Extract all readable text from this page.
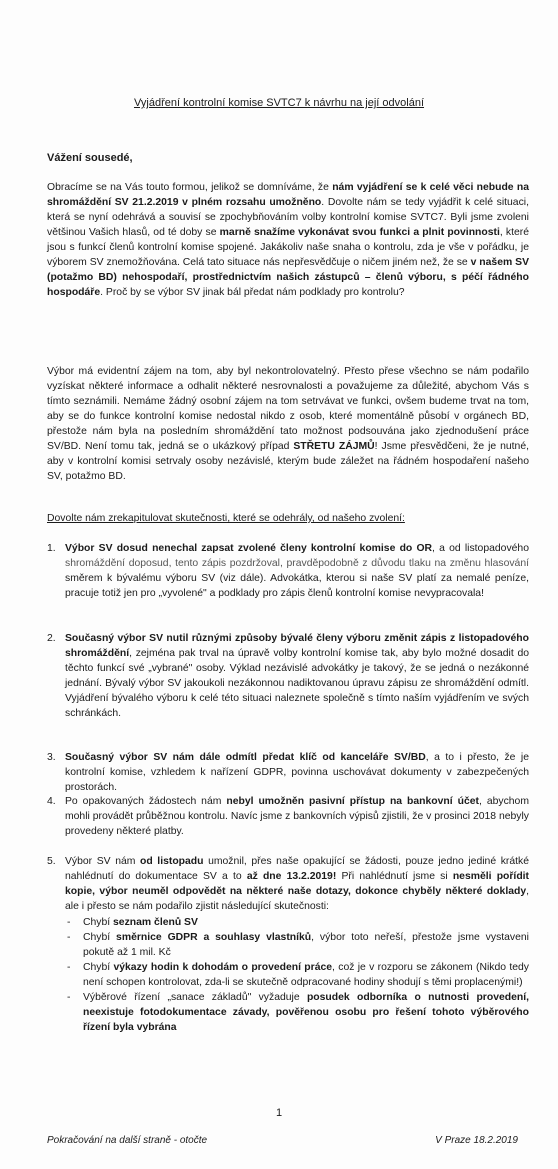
Vyjádření kontrolní komise SVTC7 k návrhu na její odvolání
Vážení sousedé,
Obracíme se na Vás touto formou, jelikož se domníváme, že nám vyjádření se k celé věci nebude na shromáždění SV 21.2.2019 v plném rozsahu umožněno. Dovolte nám se tedy vyjádřit k celé situaci, která se nyní odehrává a souvisí se zpochybňováním volby kontrolní komise SVTC7. Byli jsme zvoleni většinou Vašich hlasů, od té doby se marně snažíme vykonávat svou funkci a plnit povinnosti, které jsou s funkcí členů kontrolní komise spojené. Jakákoliv naše snaha o kontrolu, zda je vše v pořádku, je výborem SV znemožňována. Celá tato situace nás nepřesvědčuje o ničem jiném než, že se v našem SV (potažmo BD) nehospodaří, prostřednictvím našich zástupců – členů výboru, s péčí řádného hospodáře. Proč by se výbor SV jinak bál předat nám podklady pro kontrolu?
Výbor má evidentní zájem na tom, aby byl nekontrolovatelný. Přesto přese všechno se nám podařilo vyzískat některé informace a odhalit některé nesrovnalosti a považujeme za důležité, abychom Vás s tímto seznámili. Nemáme žádný osobní zájem na tom setrvávat ve funkci, ovšem budeme trvat na tom, aby se do funkce kontrolní komise nedostal nikdo z osob, které momentálně působí v orgánech BD, přestože nám byla na posledním shromáždění tato možnost podsouvána jako zjednodušení práce SV/BD. Není tomu tak, jedná se o ukázkový případ STŘETU ZÁJMŮ! Jsme přesvědčeni, že je nutné, aby v kontrolní komisi setrvaly osoby nezávislé, kterým bude záležet na řádném hospodaření našeho SV, potažmo BD.
Dovolte nám zrekapitulovat skutečnosti, které se odehrály, od našeho zvolení:
1. Výbor SV dosud nenechal zapsat zvolené členy kontrolní komise do OR, a od listopadového shromáždění doposud, tento zápis pozdržoval, pravděpodobně z důvodu tlaku na změnu hlasování směrem k bývalému výboru SV (viz dále). Advokátka, kterou si naše SV platí za nemalé peníze, pracuje totiž jen pro „vyvolené" a podklady pro zápis členů kontrolní komise nevypracovala!
2. Současný výbor SV nutil různými způsoby bývalé členy výboru změnit zápis z listopadového shromáždění, zejména pak trval na úpravě volby kontrolní komise tak, aby bylo možné dosadit do těchto funkcí své „vybrané" osoby. Výklad nezávislé advokátky je takový, že se jedná o nezákonné jednání. Bývalý výbor SV jakoukoli nezákonnou nadiktovanou úpravu zápisu ze shromáždění odmítl. Vyjádření bývalého výboru k celé této situaci naleznete společně s tímto naším vyjádřením ve svých schránkách.
3. Současný výbor SV nám dále odmítl předat klíč od kanceláře SV/BD, a to i přesto, že je kontrolní komise, vzhledem k nařízení GDPR, povinna uschovávat dokumenty v zabezpečených prostorách.
4. Po opakovaných žádostech nám nebyl umožněn pasivní přístup na bankovní účet, abychom mohli provádět průběžnou kontrolu. Navíc jsme z bankovních výpisů zjistili, že v prosinci 2018 nebyly provedeny některé platby.
5. Výbor SV nám od listopadu umožnil, přes naše opakující se žádosti, pouze jedno jediné krátké nahlédnutí do dokumentace SV a to až dne 13.2.2019! Při nahlédnutí jsme si nesměli pořídit kopie, výbor neuměl odpovědět na některé naše dotazy, dokonce chyběly některé doklady, ale i přesto se nám podařilo zjistit následující skutečnosti:
- Chybí seznam členů SV
- Chybí směrnice GDPR a souhlasy vlastníků, výbor toto neřeší, přestože jsme vystaveni pokutě až 1 mil. Kč
- Chybí výkazy hodin k dohodám o provedení práce, což je v rozporu se zákonem (Nikdo tedy není schopen kontrolovat, zda-li se skutečně odpracované hodiny shodují s těmi proplacenými!)
- Výběrové řízení „sanace základů" vyžaduje posudek odborníka o nutnosti provedení, neexistuje fotodokumentace závady, pověřenou osobu pro řešení tohoto výběrového řízení byla vybrána
1
Pokračování na další straně - otočte	V Praze 18.2.2019
